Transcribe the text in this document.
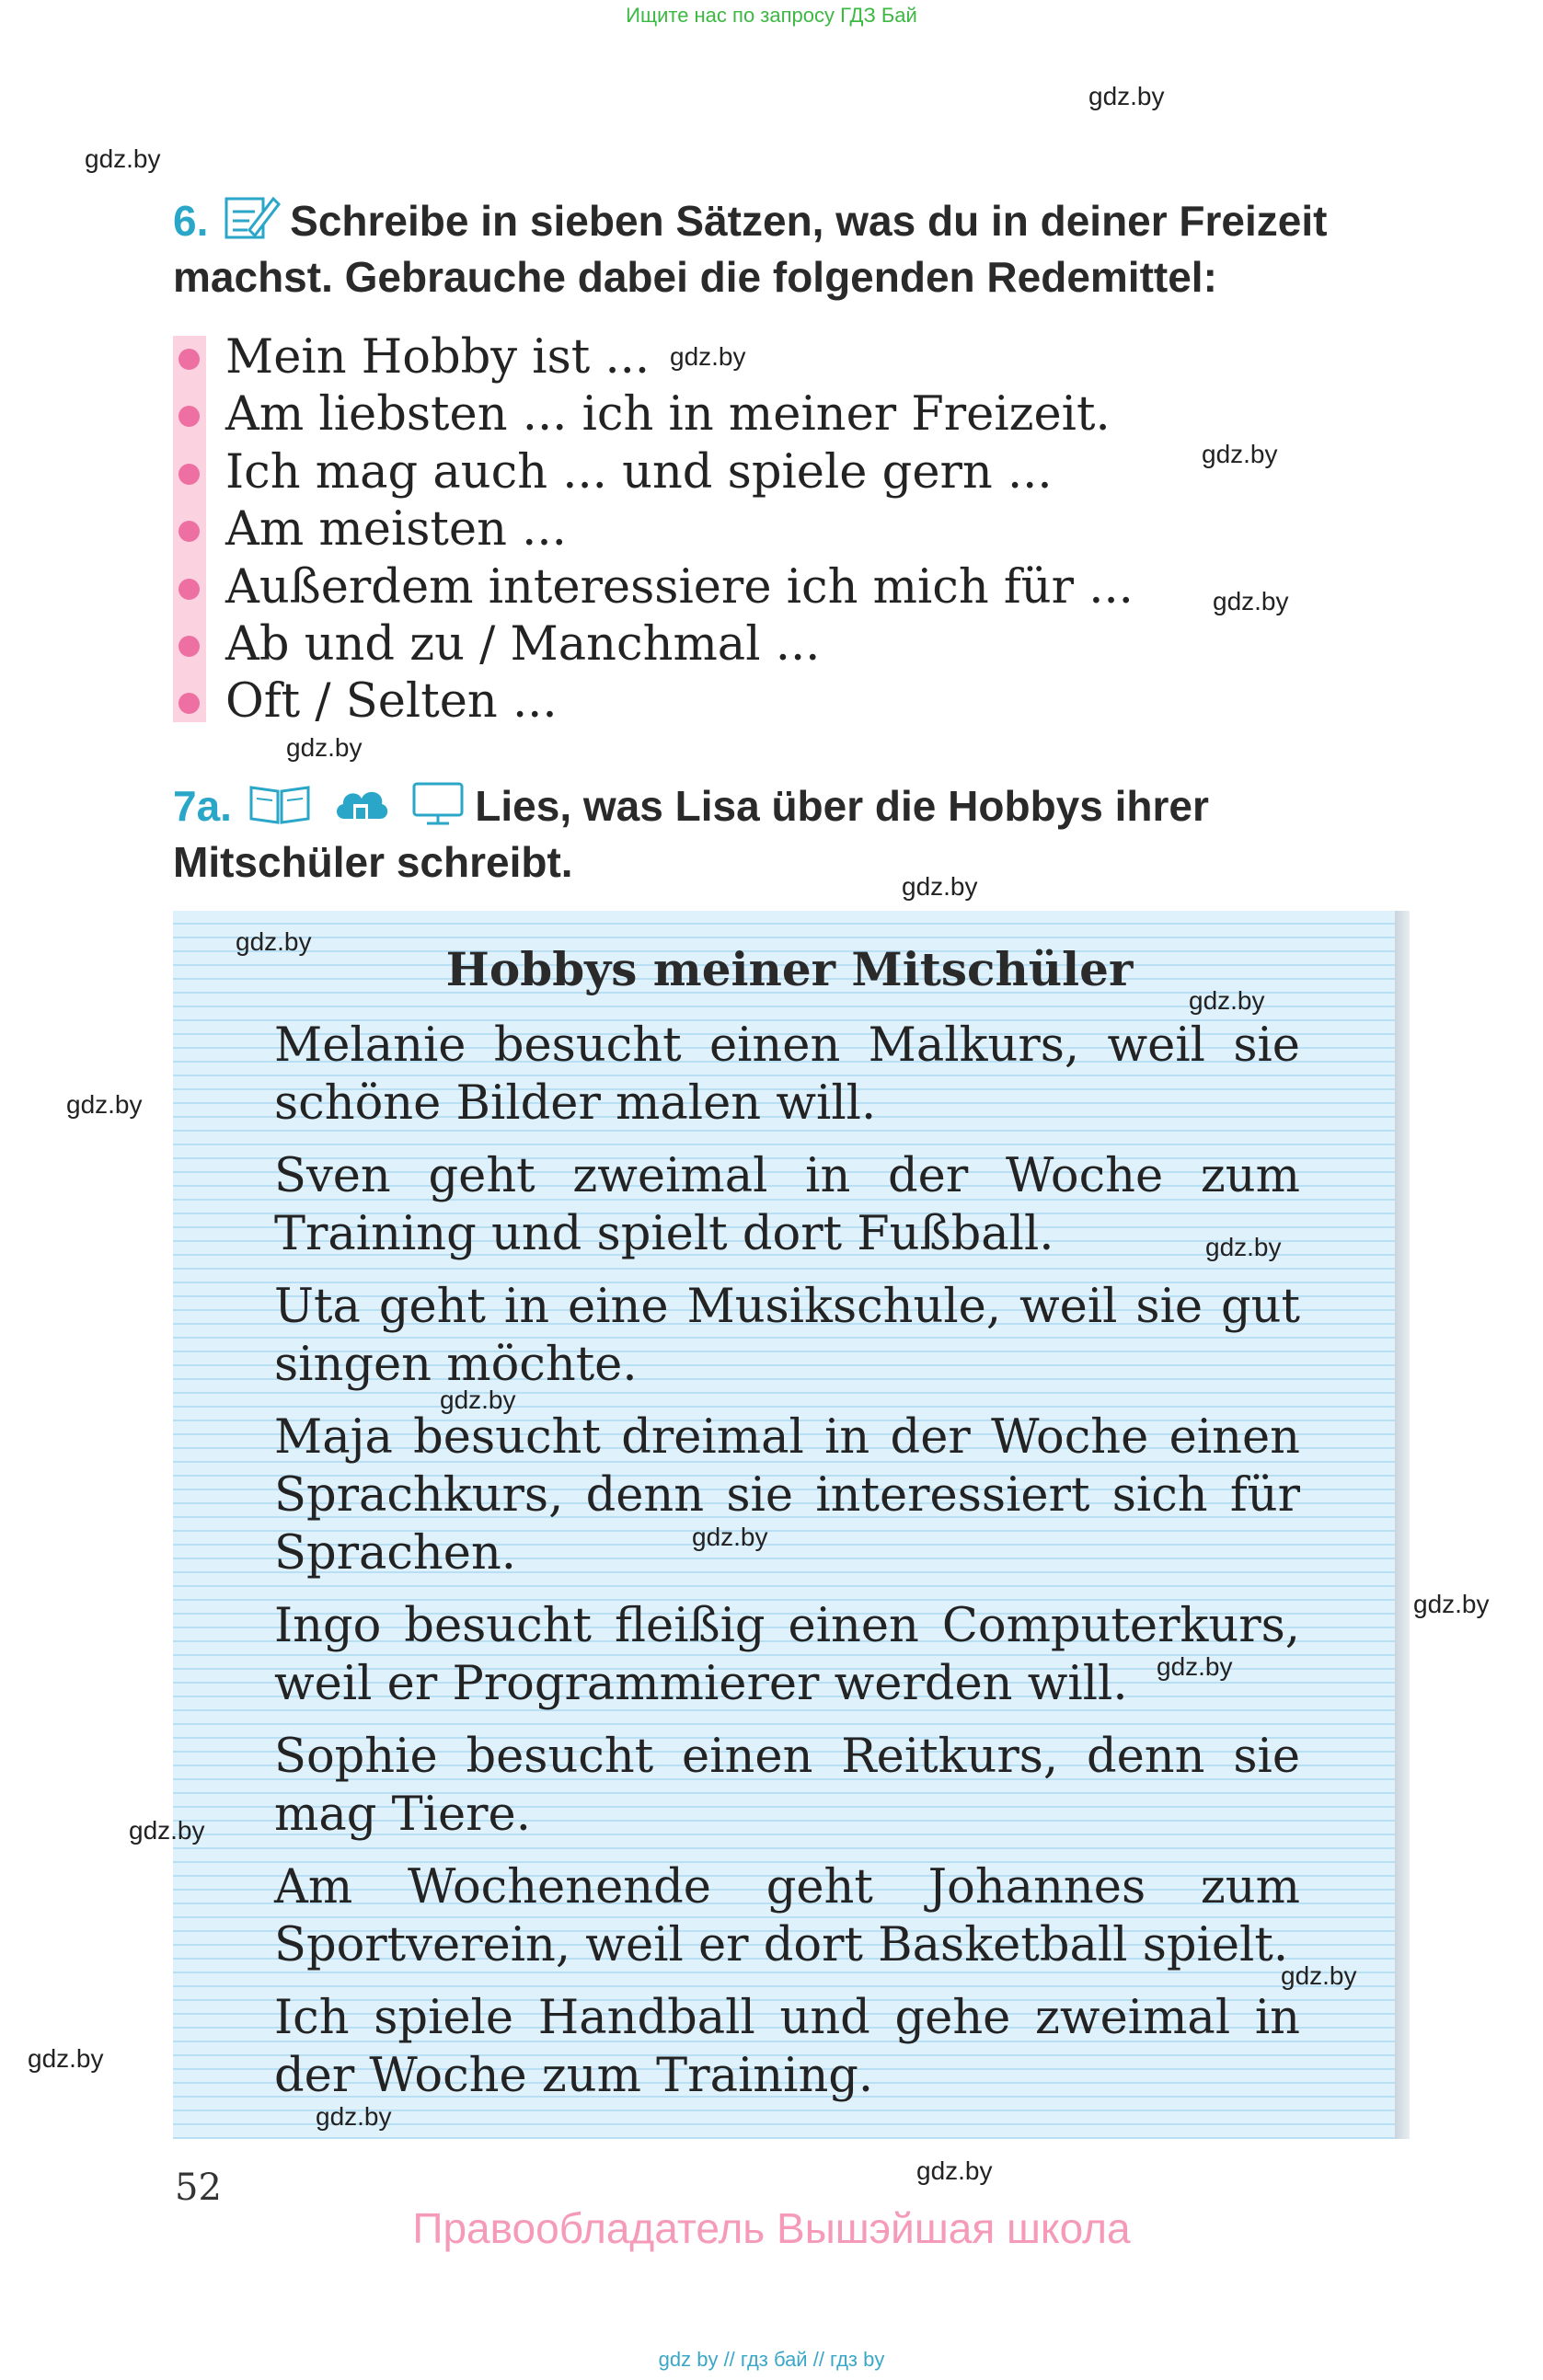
Ищите нас по запросу ГДЗ Бай
gdz.by
gdz.by
gdz.by
gdz.by
gdz.by
gdz.by
gdz.by
6. Schreibe in sieben Sätzen, was du in deiner Freizeit machst. Gebrauche dabei die folgenden Redemittel:
Mein Hobby ist ...
Am liebsten ... ich in meiner Freizeit.
Ich mag auch ... und spiele gern ...
Am meisten ...
Außerdem interessiere ich mich für ...
Ab und zu / Manchmal ...
Oft / Selten ...
7a.	Lies, was Lisa über die Hobbys ihrer Mitschüler schreibt.
Hobbys meiner Mitschüler

Melanie besucht einen Malkurs, weil sie schöne Bilder malen will.

Sven geht zweimal in der Woche zum Training und spielt dort Fußball.

Uta geht in eine Musikschule, weil sie gut singen möchte.

Maja besucht dreimal in der Woche einen Sprachkurs, denn sie interessiert sich für Sprachen.

Ingo besucht fleißig einen Computerkurs, weil er Programmierer werden will.

Sophie besucht einen Reitkurs, denn sie mag Tiere.

Am Wochenende geht Johannes zum Sportverein, weil er dort Basketball spielt.

Ich spiele Handball und gehe zweimal in der Woche zum Training.

gdz.by
gdz.by
gdz.by
gdz.by
gdz.by
gdz.by
gdz.by
gdz.by
gdz.by
gdz.by
gdz.by
gdz.by
gdz.by
52
Правообладатель Вышэйшая школа
gdz by // гдз бай // гдз by
